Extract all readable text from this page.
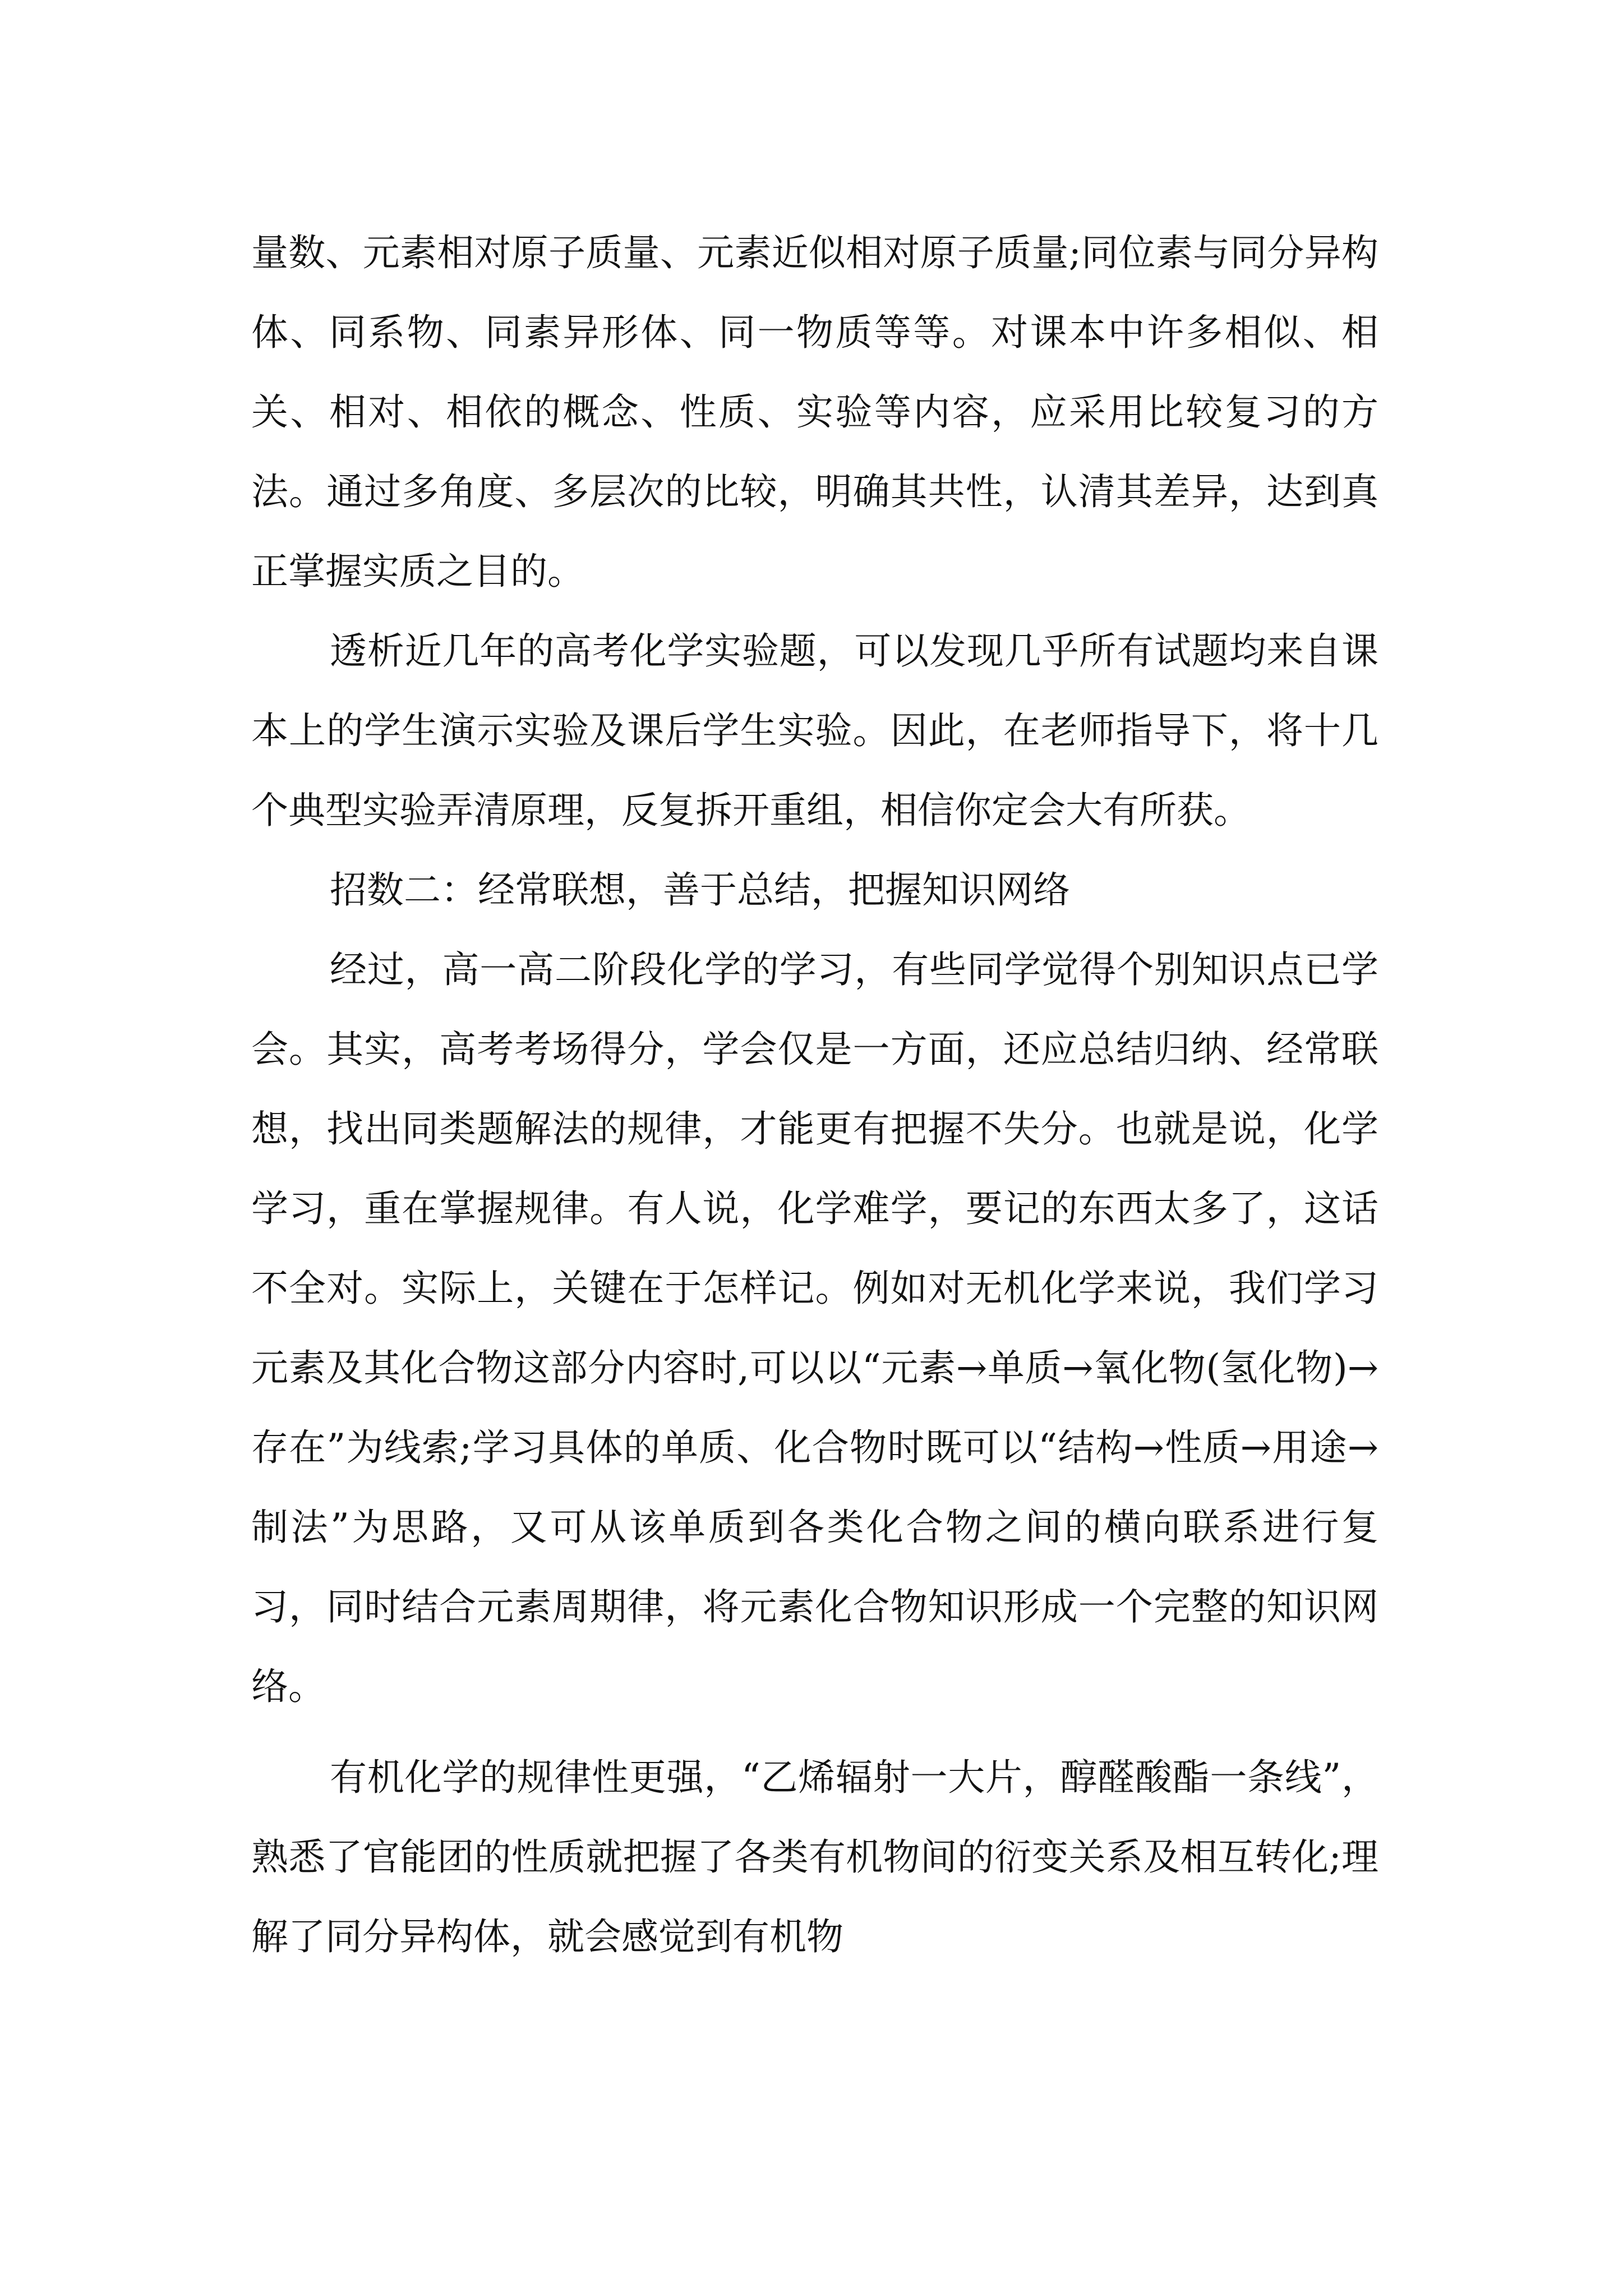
量数、元素相对原子质量、元素近似相对原子质量;同位素与同分异构体、同系物、同素异形体、同一物质等等。对课本中许多相似、相关、相对、相依的概念、性质、实验等内容，应采用比较复习的方法。通过多角度、多层次的比较，明确其共性，认清其差异，达到真正掌握实质之目的。

透析近几年的高考化学实验题，可以发现几乎所有试题均来自课本上的学生演示实验及课后学生实验。因此，在老师指导下，将十几个典型实验弄清原理，反复拆开重组，相信你定会大有所获。

招数二：经常联想，善于总结，把握知识网络

经过，高一高二阶段化学的学习，有些同学觉得个别知识点已学会。其实，高考考场得分，学会仅是一方面，还应总结归纳、经常联想，找出同类题解法的规律，才能更有把握不失分。也就是说，化学学习，重在掌握规律。有人说，化学难学，要记的东西太多了，这话不全对。实际上，关键在于怎样记。例如对无机化学来说，我们学习元素及其化合物这部分内容时,可以以“元素→单质→氧化物(氢化物)→存在”为线索;学习具体的单质、化合物时既可以“结构→性质→用途→制法”为思路，又可从该单质到各类化合物之间的横向联系进行复习，同时结合元素周期律，将元素化合物知识形成一个完整的知识网络。

有机化学的规律性更强，“乙烯辐射一大片，醇醛酸酯一条线”，熟悉了官能团的性质就把握了各类有机物间的衍变关系及相互转化;理解了同分异构体，就会感觉到有机物
